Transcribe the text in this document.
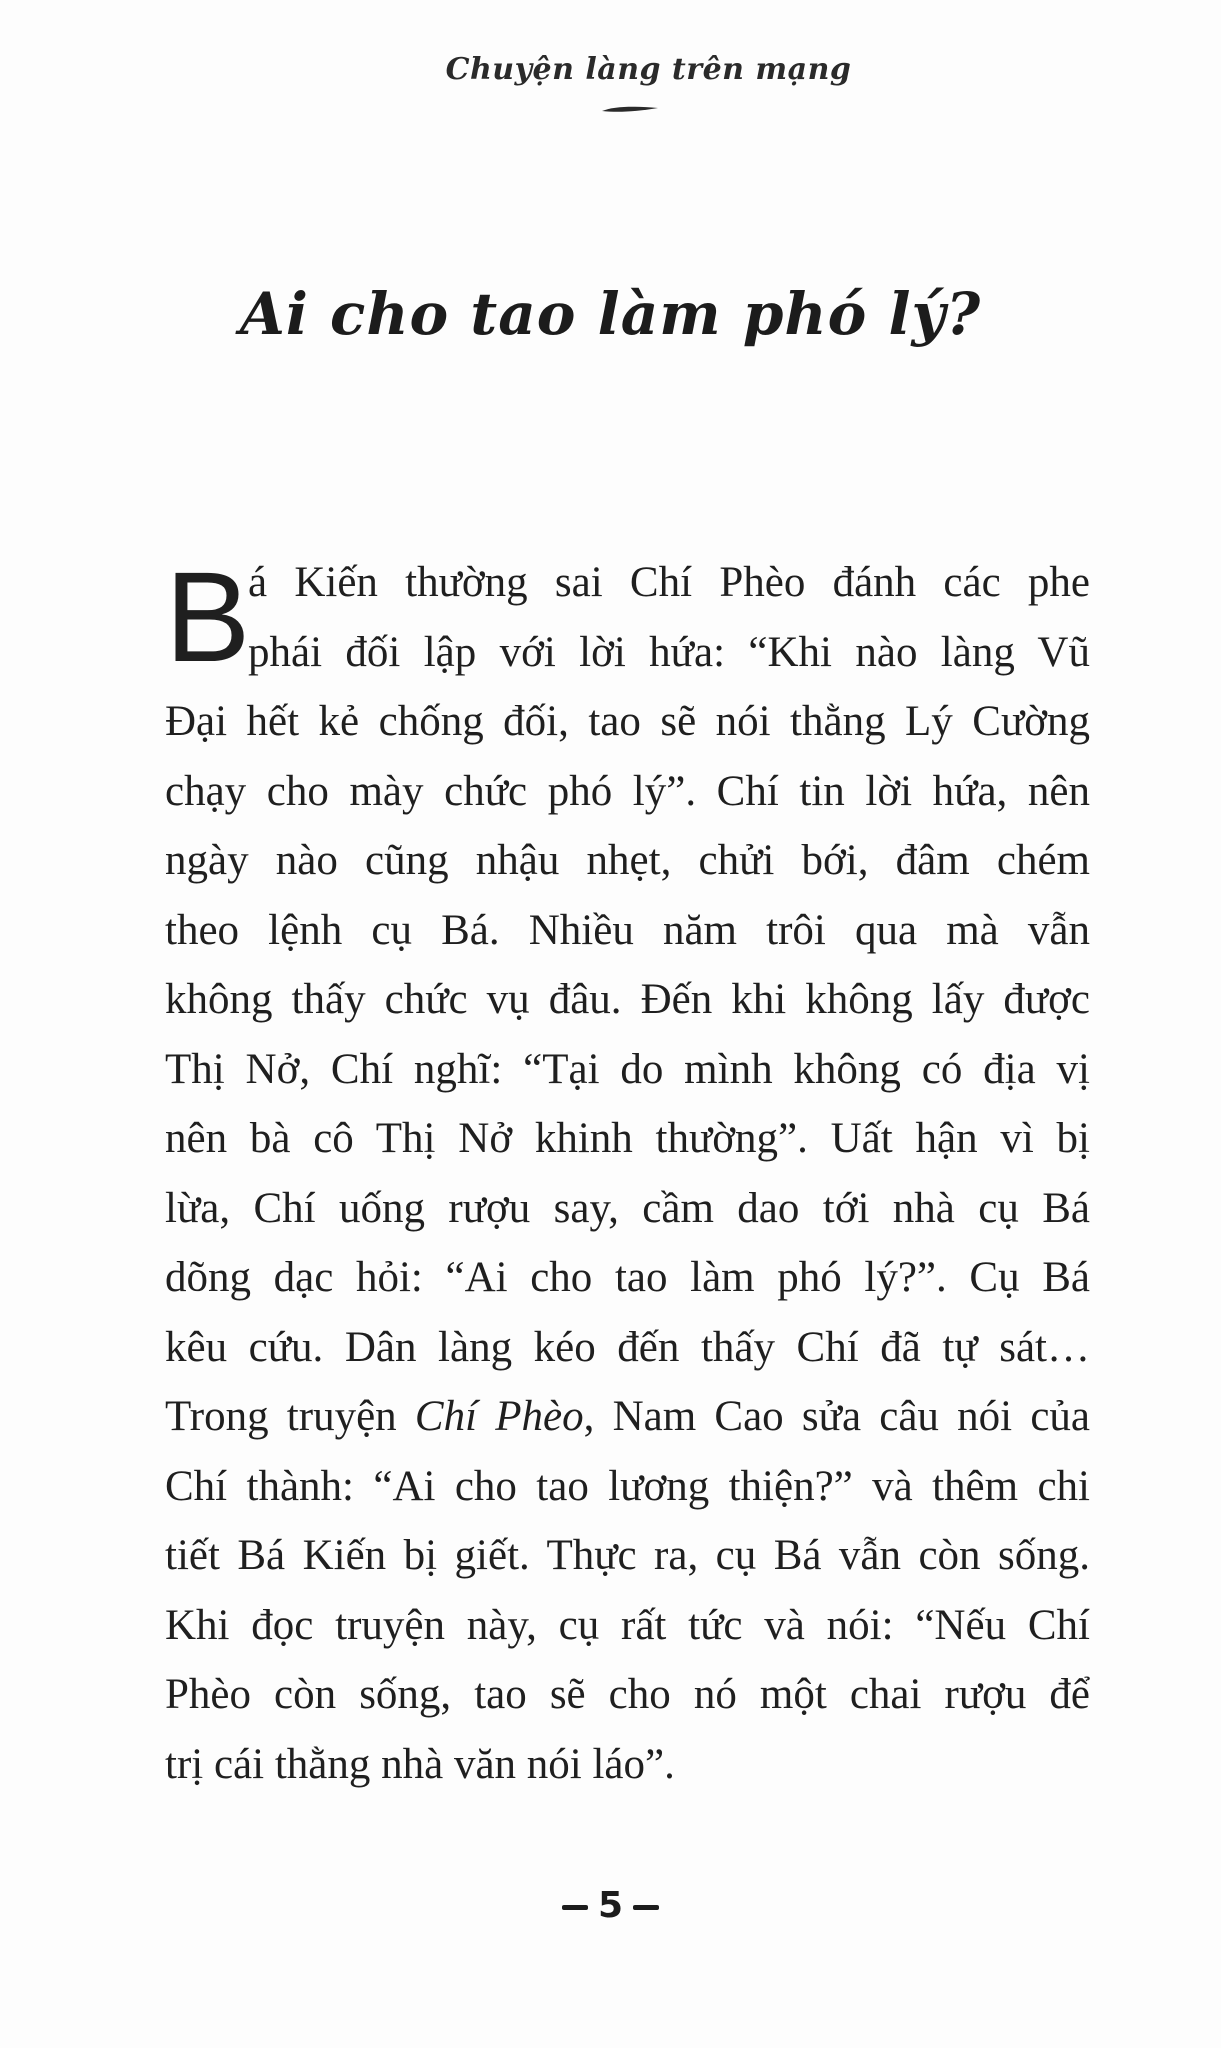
Chuyện làng trên mạng
Ai cho tao làm phó lý?
B
á Kiến thường sai Chí Phèo đánh các phe
phái đối lập với lời hứa: “Khi nào làng Vũ
Đại hết kẻ chống đối, tao sẽ nói thằng Lý Cường
chạy cho mày chức phó lý”. Chí tin lời hứa, nên
ngày nào cũng nhậu nhẹt, chửi bới, đâm chém
theo lệnh cụ Bá. Nhiều năm trôi qua mà vẫn
không thấy chức vụ đâu. Đến khi không lấy được
Thị Nở, Chí nghĩ: “Tại do mình không có địa vị
nên bà cô Thị Nở khinh thường”. Uất hận vì bị
lừa, Chí uống rượu say, cầm dao tới nhà cụ Bá
dõng dạc hỏi: “Ai cho tao làm phó lý?”. Cụ Bá
kêu cứu. Dân làng kéo đến thấy Chí đã tự sát…
Trong truyện Chí Phèo, Nam Cao sửa câu nói của
Chí thành: “Ai cho tao lương thiện?” và thêm chi
tiết Bá Kiến bị giết. Thực ra, cụ Bá vẫn còn sống.
Khi đọc truyện này, cụ rất tức và nói: “Nếu Chí
Phèo còn sống, tao sẽ cho nó một chai rượu để
trị cái thằng nhà văn nói láo”.
5
